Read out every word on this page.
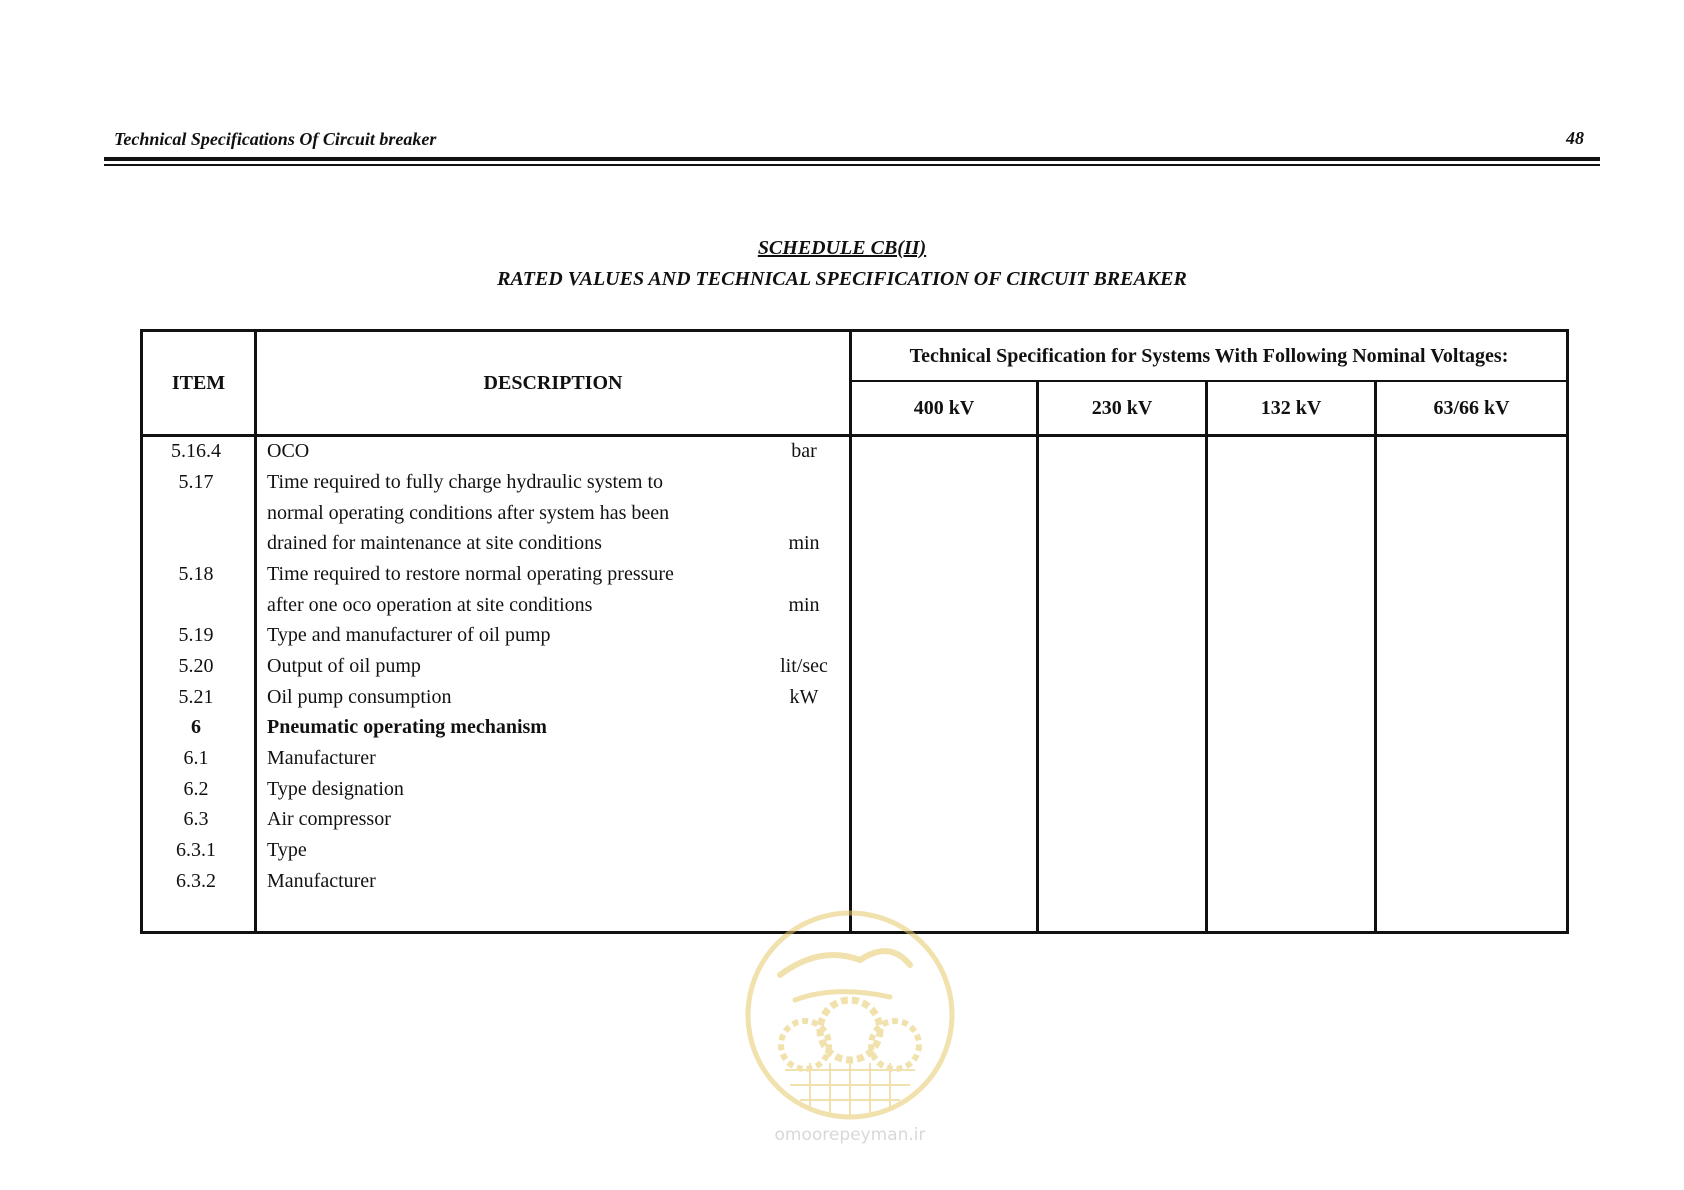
Technical Specifications Of Circuit breaker	48
SCHEDULE CB(II)
RATED VALUES AND TECHNICAL SPECIFICATION OF CIRCUIT BREAKER
ITEM	DESCRIPTION
Technical Specification for Systems With Following Nominal Voltages:
400 kV	230 kV	132 kV	63/66 kV
5.16.4	OCO	bar
5.17	Time required to fully charge hydraulic system to
normal operating conditions after system has been
drained for maintenance at site conditions	min
5.18	Time required to restore normal operating pressure
after one oco operation at site conditions	min
5.19	Type and manufacturer of oil pump
5.20	Output of oil pump	lit/sec
5.21	Oil pump consumption	kW
6	Pneumatic operating mechanism
6.1	Manufacturer
6.2	Type designation
6.3	Air compressor
6.3.1	Type
6.3.2	Manufacturer
omoorepeyman.ir
